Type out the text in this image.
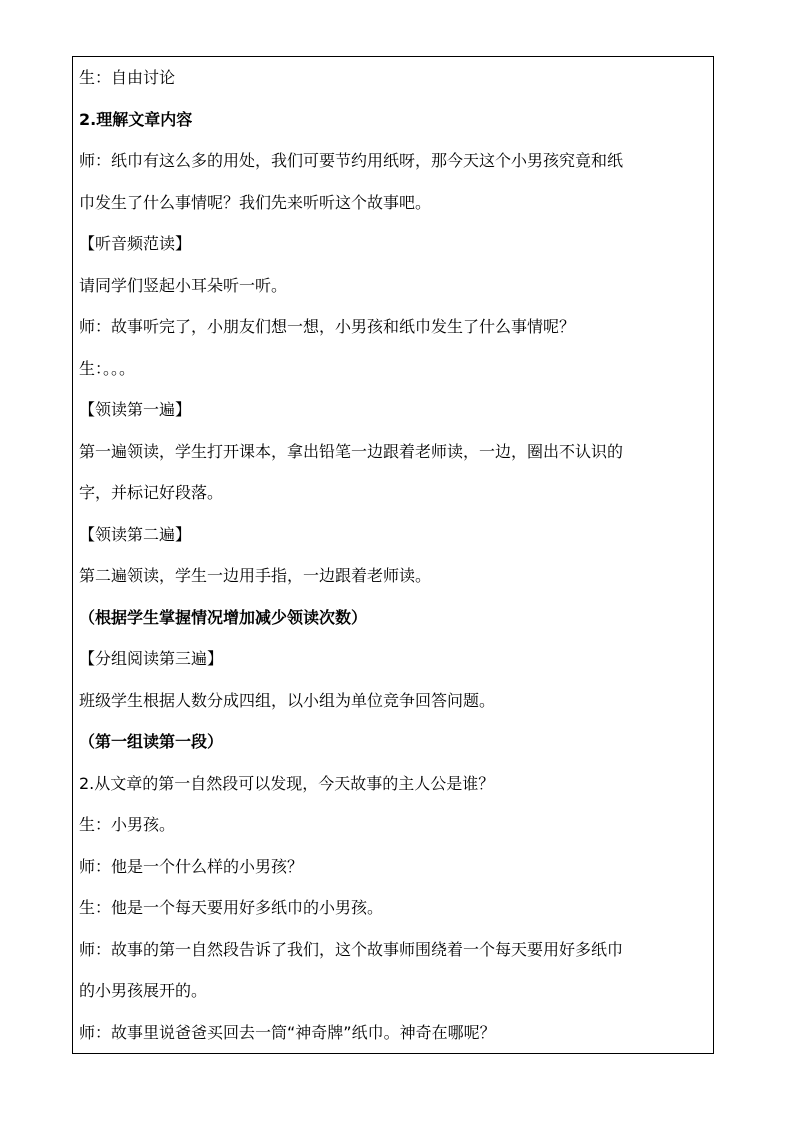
生：自由讨论
2.理解文章内容
师：纸巾有这么多的用处，我们可要节约用纸呀，那今天这个小男孩究竟和纸
巾发生了什么事情呢？我们先来听听这个故事吧。
【听音频范读】
请同学们竖起小耳朵听一听。
师：故事听完了，小朋友们想一想，小男孩和纸巾发生了什么事情呢？
生：。。。
【领读第一遍】
第一遍领读，学生打开课本，拿出铅笔一边跟着老师读，一边，圈出不认识的
字，并标记好段落。
【领读第二遍】
第二遍领读，学生一边用手指，一边跟着老师读。
（根据学生掌握情况增加减少领读次数）
【分组阅读第三遍】
班级学生根据人数分成四组，以小组为单位竞争回答问题。
（第一组读第一段）
2.从文章的第一自然段可以发现，今天故事的主人公是谁？
生：小男孩。
师：他是一个什么样的小男孩？
生：他是一个每天要用好多纸巾的小男孩。
师：故事的第一自然段告诉了我们，这个故事师围绕着一个每天要用好多纸巾
的小男孩展开的。
师：故事里说爸爸买回去一筒“神奇牌”纸巾。神奇在哪呢？
